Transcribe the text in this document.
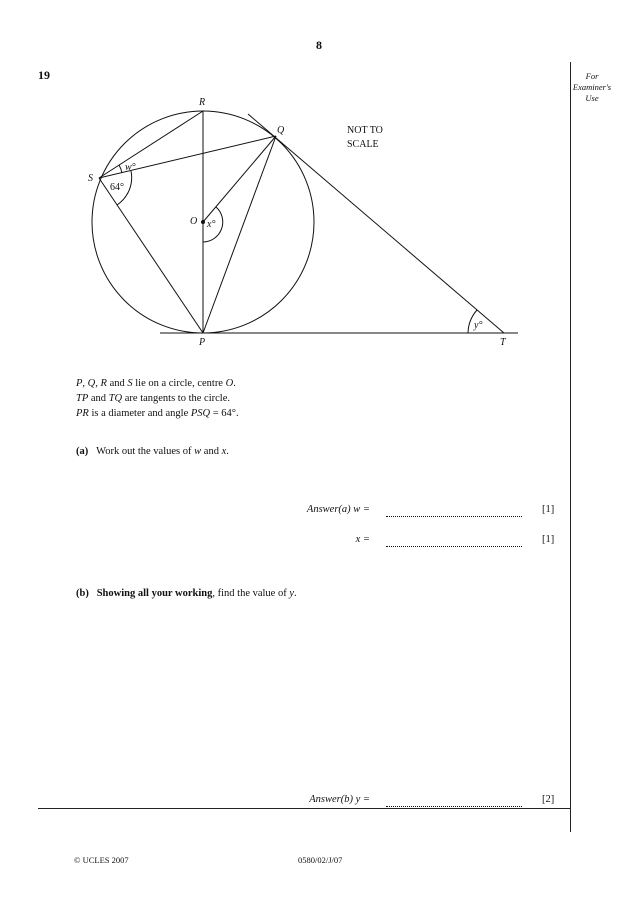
8
19	For
Examiner's
Use
R
Q
S
O
P	T
w°
x°
y°
64°
NOT TO
SCALE
P, Q, R and S lie on a circle, centre O.
TP and TQ are tangents to the circle.
PR is a diameter and angle PSQ = 64°.
(a) Work out the values of w and x.
Answer(a) w =	[1]
x =	[1]
(b) Showing all your working, find the value of y.
Answer(b) y =	[2]
© UCLES 2007	0580/02/J/07
